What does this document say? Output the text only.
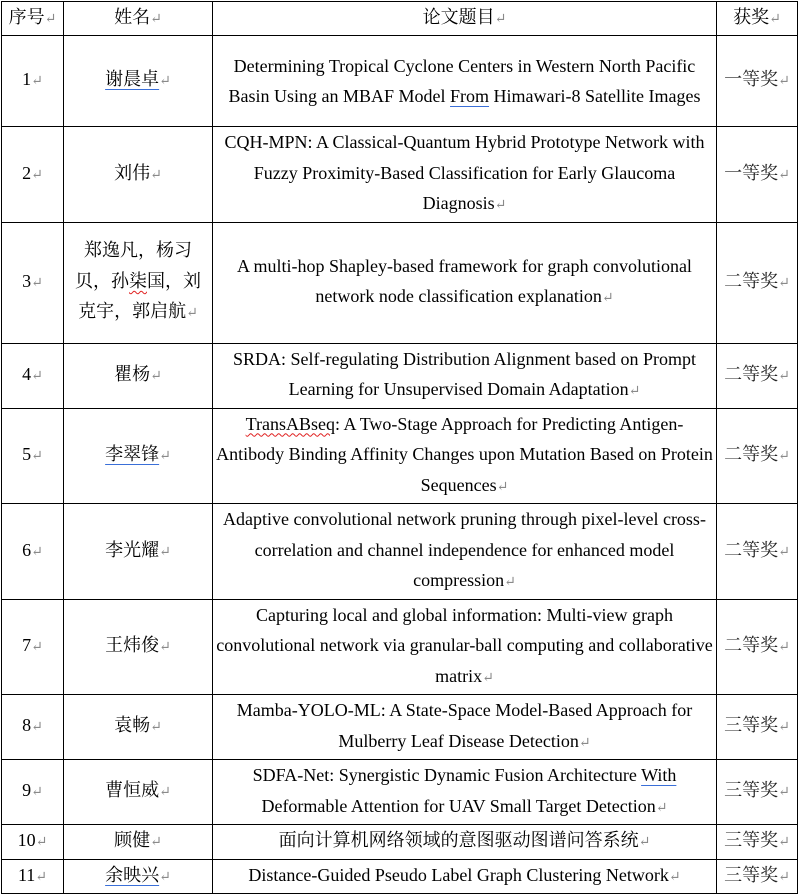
序号↵	姓名↵	论文题目↵	获奖↵
1↵	谢晨卓↵	Determining Tropical Cyclone Centers in Western North Pacific Basin Using an MBAF Model From Himawari-8 Satellite Images	一等奖↵
2↵	刘伟↵	CQH-MPN: A Classical-Quantum Hybrid Prototype Network with Fuzzy Proximity-Based Classification for Early Glaucoma Diagnosis↵	一等奖↵
3↵	郑逸凡，杨习贝，孙柒国，刘克宇，郭启航↵	A multi-hop Shapley-based framework for graph convolutional network node classification explanation↵	二等奖↵
4↵	瞿杨↵	SRDA: Self-regulating Distribution Alignment based on Prompt Learning for Unsupervised Domain Adaptation↵	二等奖↵
5↵	李翠锋↵	TransABseq: A Two-Stage Approach for Predicting Antigen-Antibody Binding Affinity Changes upon Mutation Based on Protein Sequences↵	二等奖↵
6↵	李光耀↵	Adaptive convolutional network pruning through pixel-level cross-correlation and channel independence for enhanced model compression↵	二等奖↵
7↵	王炜俊↵	Capturing local and global information: Multi-view graph convolutional network via granular-ball computing and collaborative matrix↵	二等奖↵
8↵	袁畅↵	Mamba-YOLO-ML: A State-Space Model-Based Approach for Mulberry Leaf Disease Detection↵	三等奖↵
9↵	曹恒威↵	SDFA-Net: Synergistic Dynamic Fusion Architecture With Deformable Attention for UAV Small Target Detection↵	三等奖↵
10↵	顾健↵	面向计算机网络领域的意图驱动图谱问答系统↵	三等奖↵
11↵	余映兴↵	Distance-Guided Pseudo Label Graph Clustering Network↵	三等奖↵
